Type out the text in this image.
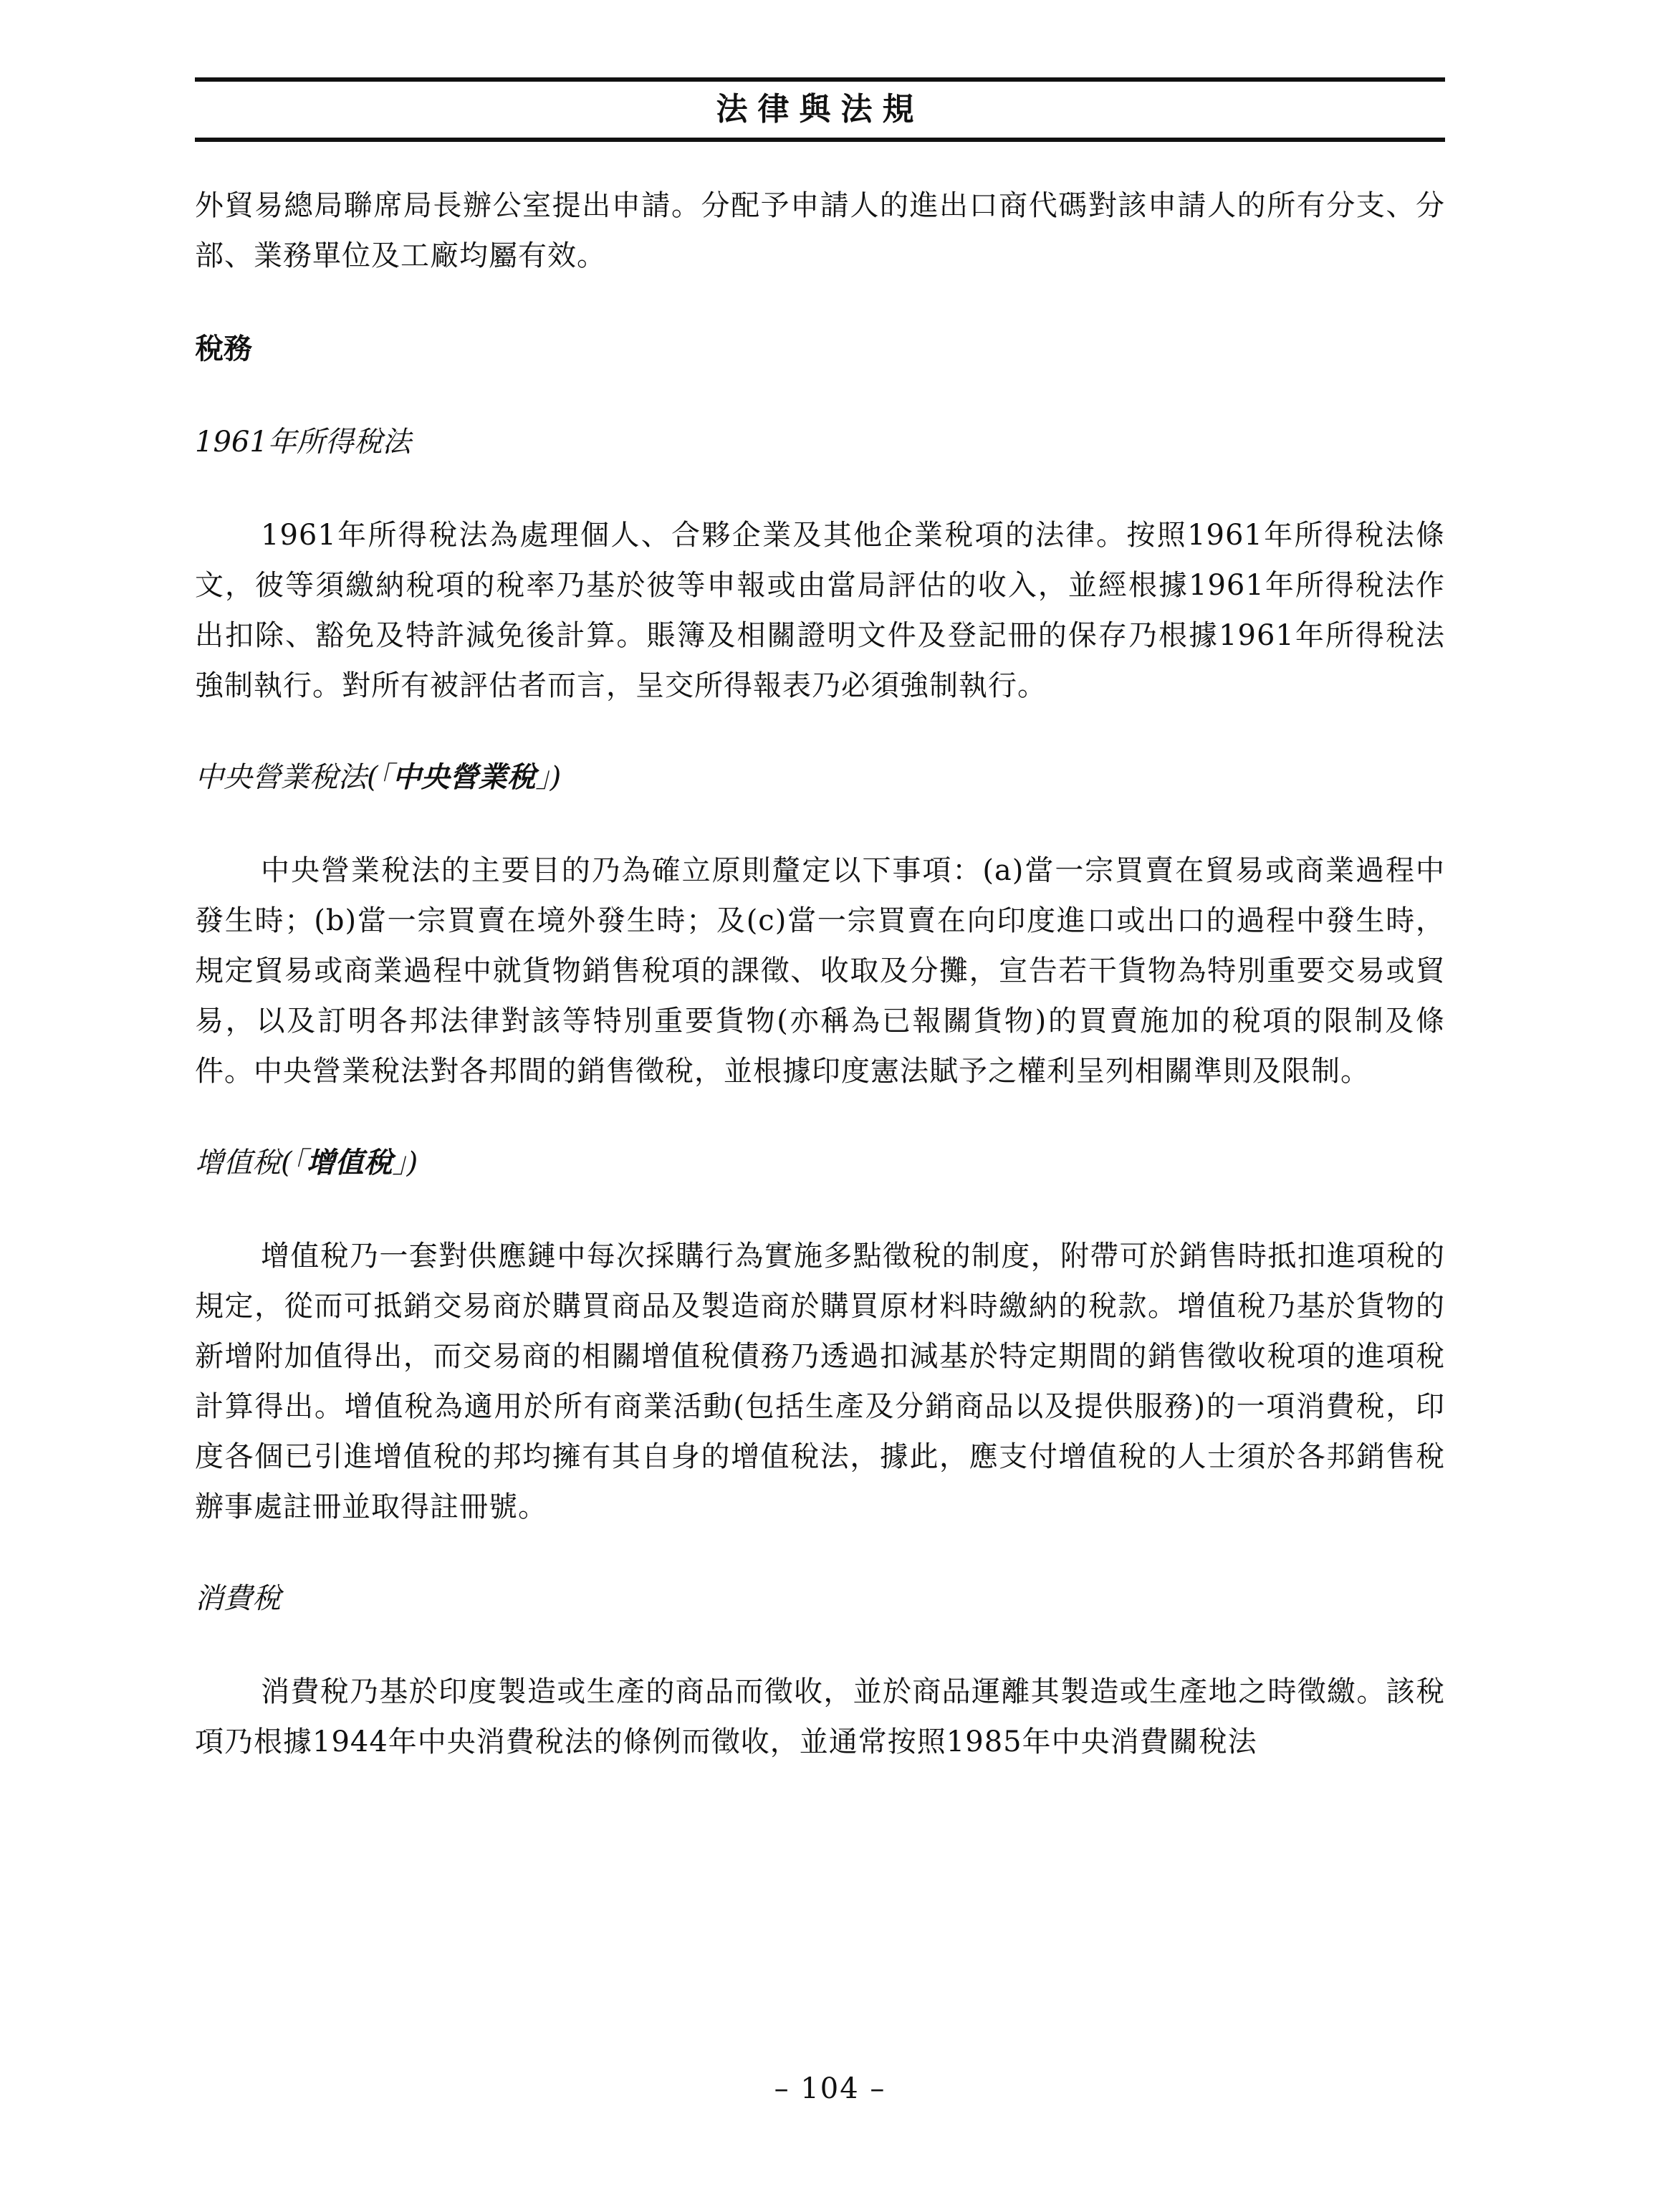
法律與法規

外貿易總局聯席局長辦公室提出申請。分配予申請人的進出口商代碼對該申請人的所有分支、分部、業務單位及工廠均屬有效。

稅務

1961年所得稅法

1961年所得稅法為處理個人、合夥企業及其他企業稅項的法律。按照1961年所得稅法條文，彼等須繳納稅項的稅率乃基於彼等申報或由當局評估的收入，並經根據1961年所得稅法作出扣除、豁免及特許減免後計算。賬簿及相關證明文件及登記冊的保存乃根據1961年所得稅法強制執行。對所有被評估者而言，呈交所得報表乃必須強制執行。

中央營業稅法(「中央營業稅」)

中央營業稅法的主要目的乃為確立原則釐定以下事項：(a)當一宗買賣在貿易或商業過程中發生時；(b)當一宗買賣在境外發生時；及(c)當一宗買賣在向印度進口或出口的過程中發生時，規定貿易或商業過程中就貨物銷售稅項的課徵、收取及分攤，宣告若干貨物為特別重要交易或貿易，以及訂明各邦法律對該等特別重要貨物(亦稱為已報關貨物)的買賣施加的稅項的限制及條件。中央營業稅法對各邦間的銷售徵稅，並根據印度憲法賦予之權利呈列相關準則及限制。

增值稅(「增值稅」)

增值稅乃一套對供應鏈中每次採購行為實施多點徵稅的制度，附帶可於銷售時抵扣進項稅的規定，從而可抵銷交易商於購買商品及製造商於購買原材料時繳納的稅款。增值稅乃基於貨物的新增附加值得出，而交易商的相關增值稅債務乃透過扣減基於特定期間的銷售徵收稅項的進項稅計算得出。增值稅為適用於所有商業活動(包括生產及分銷商品以及提供服務)的一項消費稅，印度各個已引進增值稅的邦均擁有其自身的增值稅法，據此，應支付增值稅的人士須於各邦銷售稅辦事處註冊並取得註冊號。

消費稅

消費稅乃基於印度製造或生產的商品而徵收，並於商品運離其製造或生產地之時徵繳。該稅項乃根據1944年中央消費稅法的條例而徵收，並通常按照1985年中央消費關稅法

– 104 –
